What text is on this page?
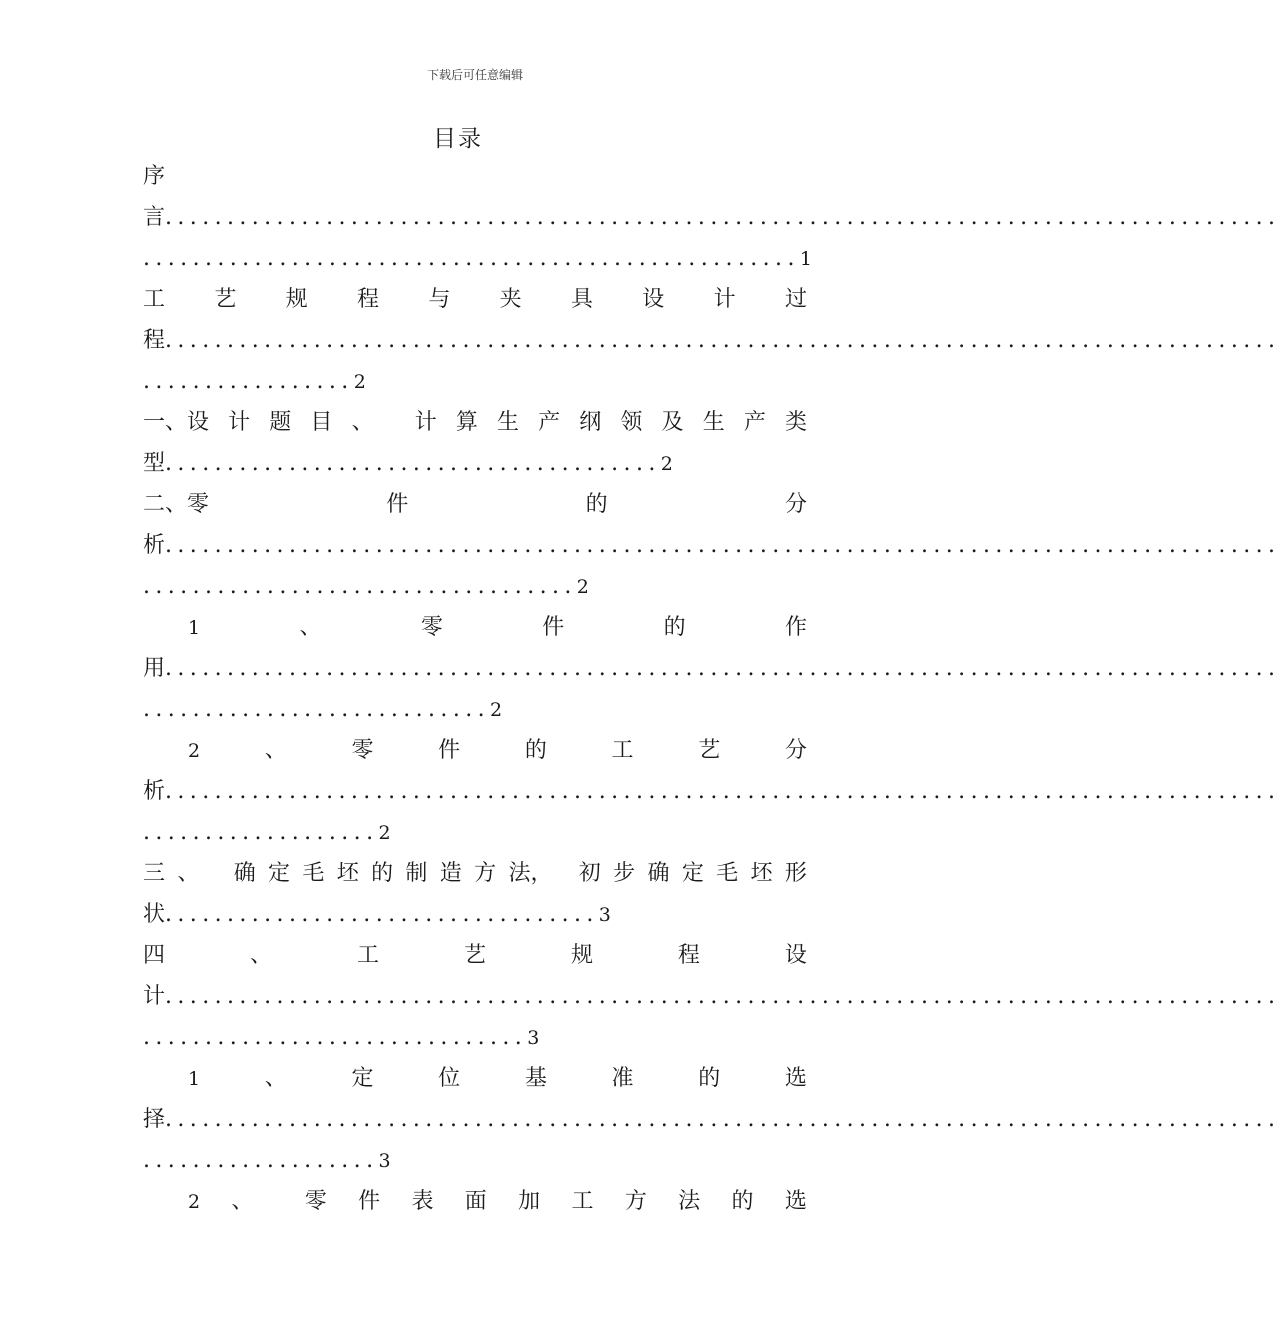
下载后可任意编辑
目录
序
言..........................................................................................
.....................................................1
工 艺 规 程 与 夹 具 设 计 过
程..........................................................................................
.................2
一、设 计 题 目 、 计 算 生 产 纲 领 及 生 产 类
型........................................2
二、零	件	的	分
析..........................................................................................
...................................2
1	、	零	件	的	作
用..........................................................................................
............................2
2	、	零	件	的	工	艺	分
析..........................................................................................
...................2
三 、 确 定 毛 坯 的 制 造 方 法， 初 步 确 定 毛 坯 形
状...................................3
四	、	工	艺	规	程	设
计..........................................................................................
...............................3
1	、	定	位	基	准	的	选
择..........................................................................................
...................3
2 、 零 件 表 面 加 工 方 法 的 选
